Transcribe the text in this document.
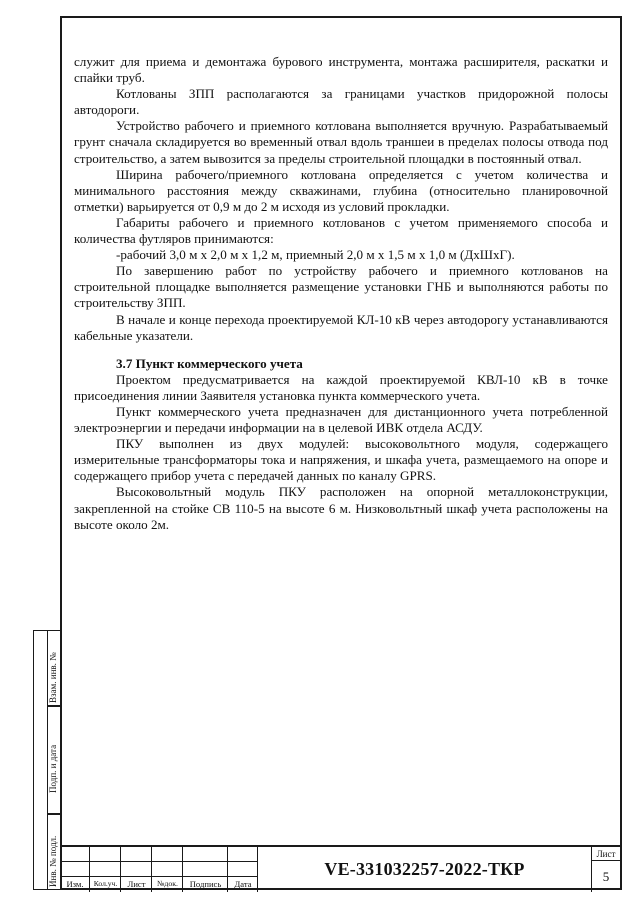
служит для приема и демонтажа бурового инструмента, монтажа расширителя, раскатки и спайки труб.

Котлованы ЗПП располагаются за границами участков придорожной полосы автодороги.

Устройство рабочего и приемного котлована выполняется вручную. Разрабатываемый грунт сначала складируется во временный отвал вдоль траншеи в пределах полосы отвода под строительство, а затем вывозится за пределы строительной площадки в постоянный отвал.

Ширина рабочего/приемного котлована определяется с учетом количества и минимального расстояния между скважинами, глубина (относительно планировочной отметки) варьируется от 0,9 м до 2 м исходя из условий прокладки.

Габариты рабочего и приемного котлованов с учетом применяемого способа и количества футляров принимаются:

-рабочий 3,0 м х 2,0 м х 1,2 м, приемный 2,0 м х 1,5 м х 1,0 м (ДхШхГ).

По завершению работ по устройству рабочего и приемного котлованов на строительной площадке выполняется размещение установки ГНБ и выполняются работы по строительству ЗПП.

В начале и конце перехода проектируемой КЛ-10 кВ через автодорогу устанавливаются кабельные указатели.

3.7 Пункт коммерческого учета

Проектом предусматривается на каждой проектируемой КВЛ-10 кВ в точке присоединения линии Заявителя установка пункта коммерческого учета.

Пункт коммерческого учета предназначен для дистанционного учета потребленной электроэнергии и передачи информации на в целевой ИВК отдела АСДУ.

ПКУ выполнен из двух модулей: высоковольтного модуля, содержащего измерительные трансформаторы тока и напряжения, и шкафа учета, размещаемого на опоре и содержащего прибор учета с передачей данных по каналу GPRS.

Высоковольтный модуль ПКУ расположен на опорной металлоконструкции, закрепленной на стойке СВ 110-5 на высоте 6 м. Низковольтный шкаф учета расположены на высоте около 2м.

Взам. инв. №
Подп. и дата
Инв. № подл. Изм.	Кол.уч.	Лист	№док.	Подпись	Дата
VE-331032257-2022-ТКР
Лист
5
